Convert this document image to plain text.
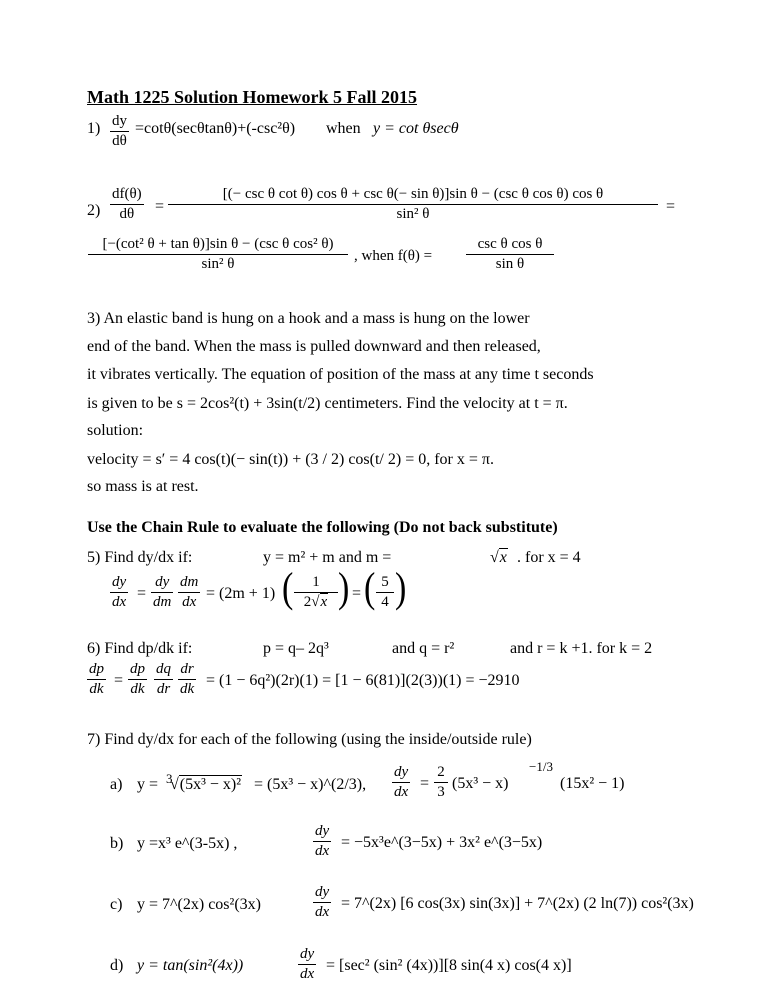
Math 1225 Solution Homework 5 Fall 2015
$1) \frac{dy}{d\theta} =\cot\theta(\sec\theta\tan\theta)+(-\csc^2\theta)$ when y = cot θsecθ
$2) \frac{df(\theta)}{d\theta}$ =
[(− csc θ cot θ) cos θ + csc θ(− sin θ)]sin θ − (csc θ cos θ) cos θ
sin² θ	=
[−(cot² θ + tan θ)]sin θ − (csc θ cos² θ)
sin² θ	, when f(θ) =
csc θ cos θ
sin θ
3) An elastic band is hung on a hook and a mass is hung on the lower
end of the band. When the mass is pulled downward and then released,
it vibrates vertically. The equation of position of the mass at any time t seconds
is given to be s = 2cos²(t) + 3sin(t/2) centimeters. Find the velocity at t = π.
solution:
velocity = s′ = 4 cos(t)(− sin(t)) + (3 / 2) cos(t/ 2) = 0, for x = π.
so mass is at rest.
Use the Chain Rule to evaluate the following (Do not back substitute)
5) Find dy/dx if:	y = m² + m and m =	√x . for x = 4
$\frac{dy}{dx} = \frac{dy}{dm} \frac{dm}{dx} = (2m + 1)$ ( $\frac{1}{2√x}$ ) = ( $\frac{5}{4}$ )
6) Find dp/dk if:	p = q– 2q³	and q = r²	and r = k +1. for k = 2
$\frac{dp}{dk} = \frac{dp}{dk} \frac{dq}{dr} \frac{dr}{dk} = (1 - 6q^2)(2r)(1) = [1 - 6(81)](2(3))(1) = -2910$
7) Find dy/dx for each of the following (using the inside/outside rule)
a) y = 3
√(5x³ − x)² = (5x³ − x)^(2/3), $\frac{dy}{dx} = \frac{2}{3} (5x^3 - x)$
−1/3
(15x² − 1)
b) y =x³ e^(3-5x) ,	$\frac{dy}{dx}$ = −5x³e^(3−5x) + 3x² e^(3−5x)
c) y = 7^(2x) cos²(3x)	$\frac{dy}{dx}$ = 7^(2x) [6 cos(3x) sin(3x)] + 7^(2x) (2 ln(7)) cos²(3x)
d) y = tan(sin²(4x))	$\frac{dy}{dx} = [\sec^2$ (sin² (4x))][8 sin(4 x) cos(4 x)]
